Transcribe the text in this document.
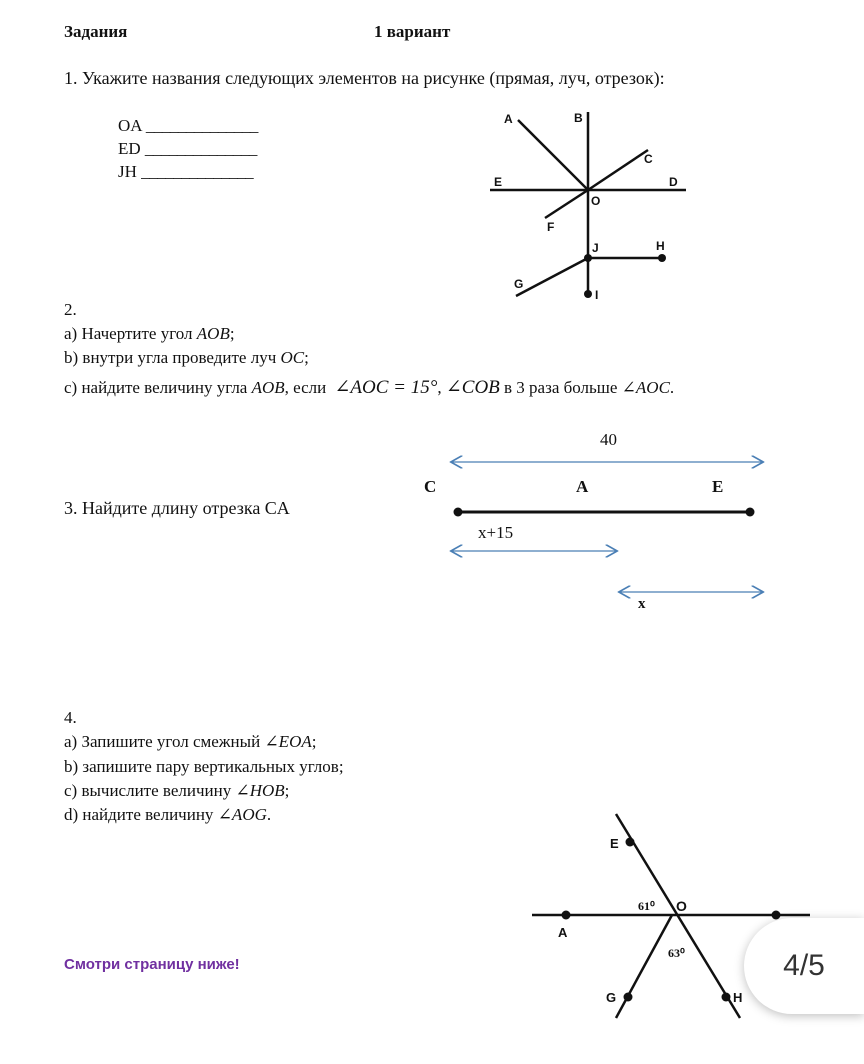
Задания	1 вариант
1. Укажите названия следующих элементов на рисунке (прямая, луч, отрезок):
OA ______________
ED ______________
JH ______________
A	B
C
E	D
O
F
J	H
G
I
2.
a) Начертите угол AOB;
b) внутри угла проведите луч OC;
c) найдите величину угла AOB, если ∠AOC = 15°, ∠COB в 3 раза больше ∠AOC.
3. Найдите длину отрезка CA
40
C	A	E
x+15
x
4.
a) Запишите угол смежный ∠EOA;
b) запишите пару вертикальных углов;
c) вычислите величину ∠HOB;
d) найдите величину ∠AOG.
E
O
A
G	H
61⁰
63⁰
Смотри страницу ниже!	4/5
